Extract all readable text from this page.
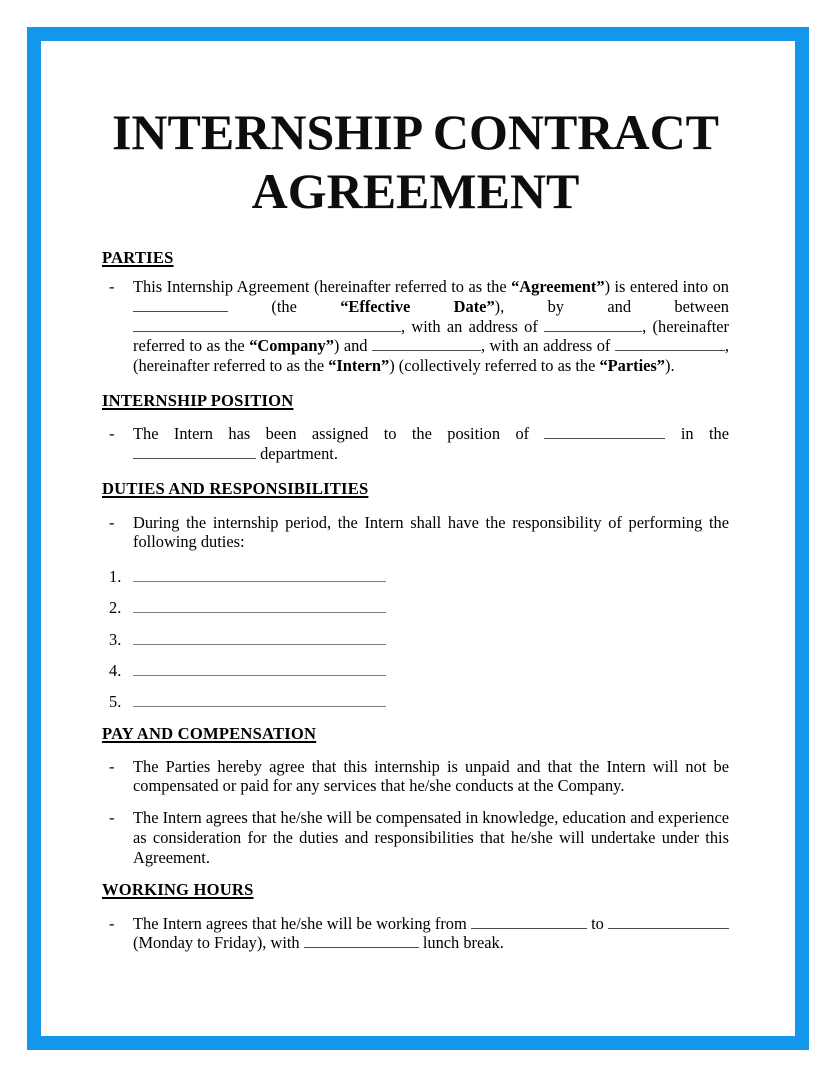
INTERNSHIP CONTRACT
AGREEMENT
PARTIES
-	This Internship Agreement (hereinafter referred to as the “Agreement”) is entered into on  (the “Effective Date”), by and between , with an address of	, (hereinafter referred to as the “Company”) and	, with an address of	, (hereinafter referred to as the “Intern”) (collectively referred to as the “Parties”).
INTERNSHIP POSITION
-	The Intern has been assigned to the position of	in the  department.
DUTIES AND RESPONSIBILITIES
-	During the internship period, the Intern shall have the responsibility of performing the following duties:
1.
2.
3.
4.
5.
PAY AND COMPENSATION
-	The Parties hereby agree that this internship is unpaid and that the Intern will not be compensated or paid for any services that he/she conducts at the Company.
-	The Intern agrees that he/she will be compensated in knowledge, education and experience as consideration for the duties and responsibilities that he/she will undertake under this Agreement.
WORKING HOURS
-	The Intern agrees that he/she will be working from	to  (Monday to Friday), with	lunch break.
